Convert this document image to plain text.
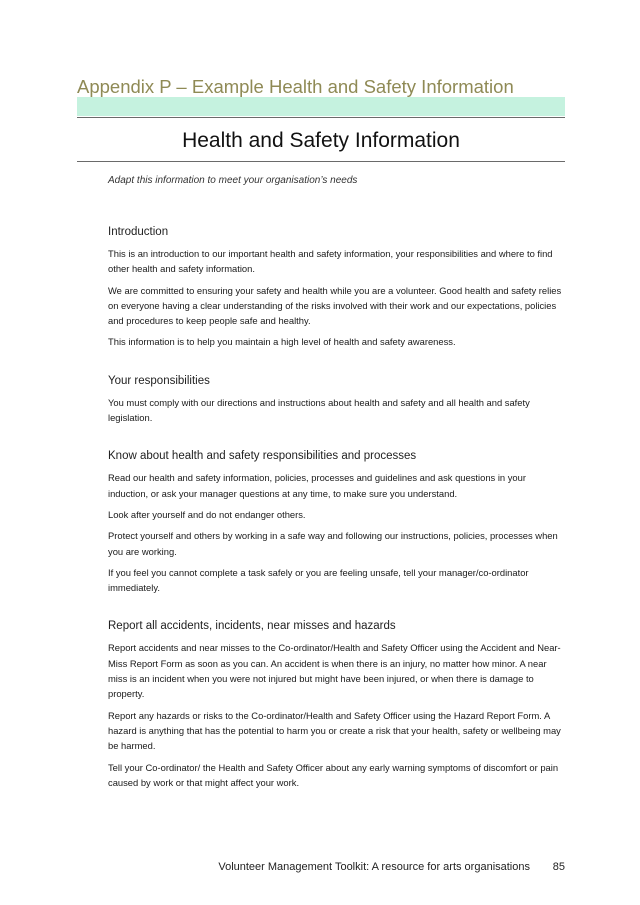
Appendix P – Example Health and Safety Information
Health and Safety Information
Adapt this information to meet your organisation’s needs
Introduction

This is an introduction to our important health and safety information, your responsibilities and where to find other health and safety information.

We are committed to ensuring your safety and health while you are a volunteer. Good health and safety relies on everyone having a clear understanding of the risks involved with their work and our expectations, policies and procedures to keep people safe and healthy.

This information is to help you maintain a high level of health and safety awareness.

Your responsibilities

You must comply with our directions and instructions about health and safety and all health and safety legislation.

Know about health and safety responsibilities and processes

Read our health and safety information, policies, processes and guidelines and ask questions in your induction, or ask your manager questions at any time, to make sure you understand.

Look after yourself and do not endanger others.

Protect yourself and others by working in a safe way and following our instructions, policies, processes when you are working.

If you feel you cannot complete a task safely or you are feeling unsafe, tell your manager/co-ordinator immediately.

Report all accidents, incidents, near misses and hazards

Report accidents and near misses to the Co-ordinator/Health and Safety Officer using the Accident and Near-Miss Report Form as soon as you can. An accident is when there is an injury, no matter how minor. A near miss is an incident when you were not injured but might have been injured, or when there is damage to property.

Report any hazards or risks to the Co-ordinator/Health and Safety Officer using the Hazard Report Form. A hazard is anything that has the potential to harm you or create a risk that your health, safety or wellbeing may be harmed.

Tell your Co-ordinator/ the Health and Safety Officer about any early warning symptoms of discomfort or pain caused by work or that might affect your work.

Volunteer Management Toolkit: A resource for arts organisations 85
